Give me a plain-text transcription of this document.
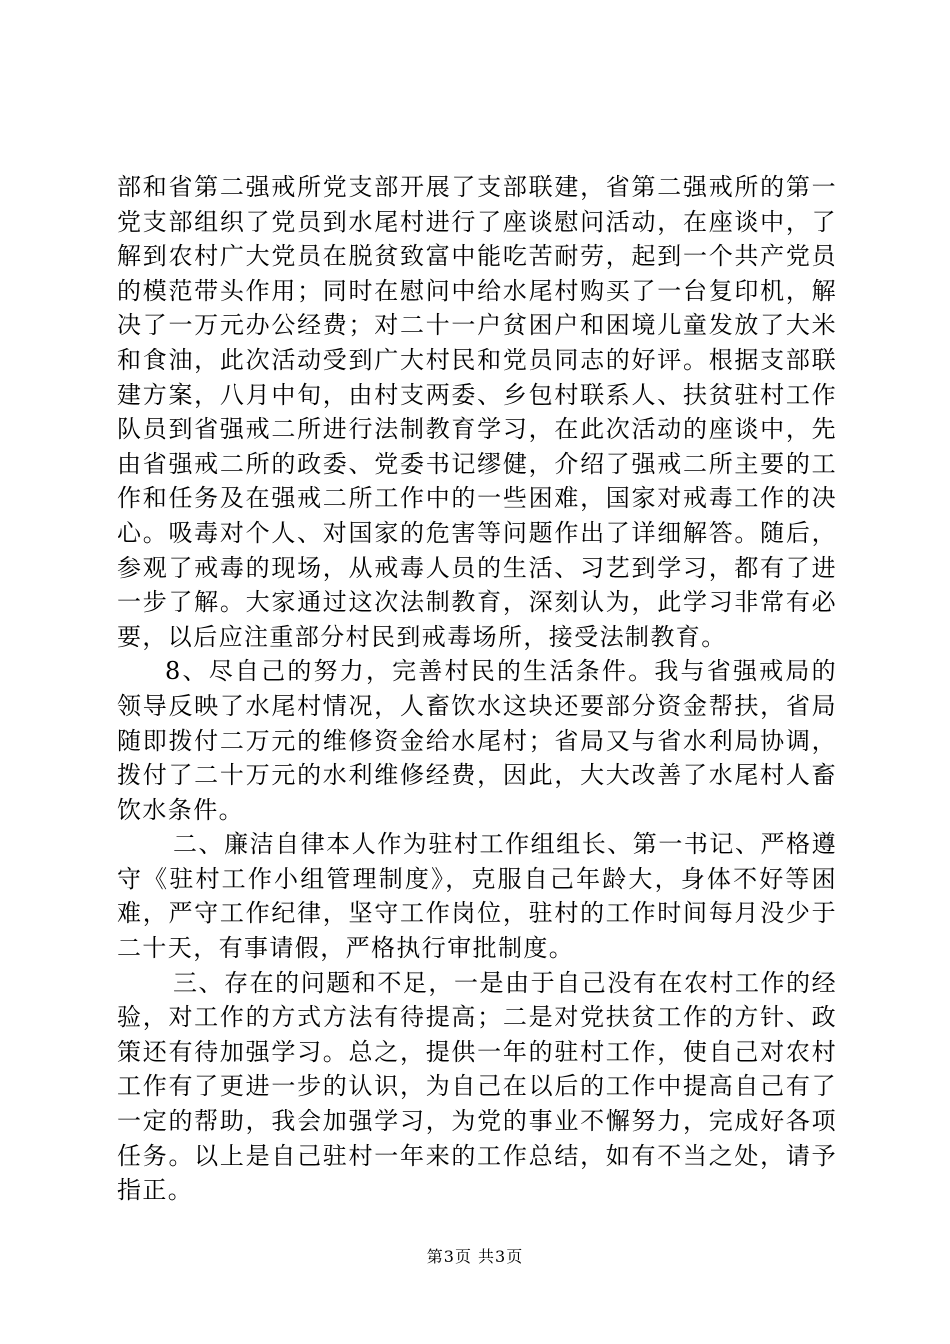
部和省第二强戒所党支部开展了支部联建，省第二强戒所的第一党支部组织了党员到水尾村进行了座谈慰问活动，在座谈中，了解到农村广大党员在脱贫致富中能吃苦耐劳，起到一个共产党员的模范带头作用；同时在慰问中给水尾村购买了一台复印机，解决了一万元办公经费；对二十一户贫困户和困境儿童发放了大米和食油，此次活动受到广大村民和党员同志的好评。根据支部联建方案，八月中旬，由村支两委、乡包村联系人、扶贫驻村工作队员到省强戒二所进行法制教育学习，在此次活动的座谈中，先由省强戒二所的政委、党委书记缪健，介绍了强戒二所主要的工作和任务及在强戒二所工作中的一些困难，国家对戒毒工作的决心。吸毒对个人、对国家的危害等问题作出了详细解答。随后，参观了戒毒的现场，从戒毒人员的生活、习艺到学习，都有了进一步了解。大家通过这次法制教育，深刻认为，此学习非常有必要，以后应注重部分村民到戒毒场所，接受法制教育。

8、尽自己的努力，完善村民的生活条件。我与省强戒局的领导反映了水尾村情况，人畜饮水这块还要部分资金帮扶，省局随即拨付二万元的维修资金给水尾村；省局又与省水利局协调，拨付了二十万元的水利维修经费，因此，大大改善了水尾村人畜饮水条件。

二、廉洁自律本人作为驻村工作组组长、第一书记、严格遵守《驻村工作小组管理制度》，克服自己年龄大，身体不好等困难，严守工作纪律，坚守工作岗位，驻村的工作时间每月没少于二十天，有事请假，严格执行审批制度。

三、存在的问题和不足，一是由于自己没有在农村工作的经验，对工作的方式方法有待提高；二是对党扶贫工作的方针、政策还有待加强学习。总之，提供一年的驻村工作，使自己对农村工作有了更进一步的认识，为自己在以后的工作中提高自己有了一定的帮助，我会加强学习，为党的事业不懈努力，完成好各项任务。以上是自己驻村一年来的工作总结，如有不当之处，请予指正。

第3页 共3页
